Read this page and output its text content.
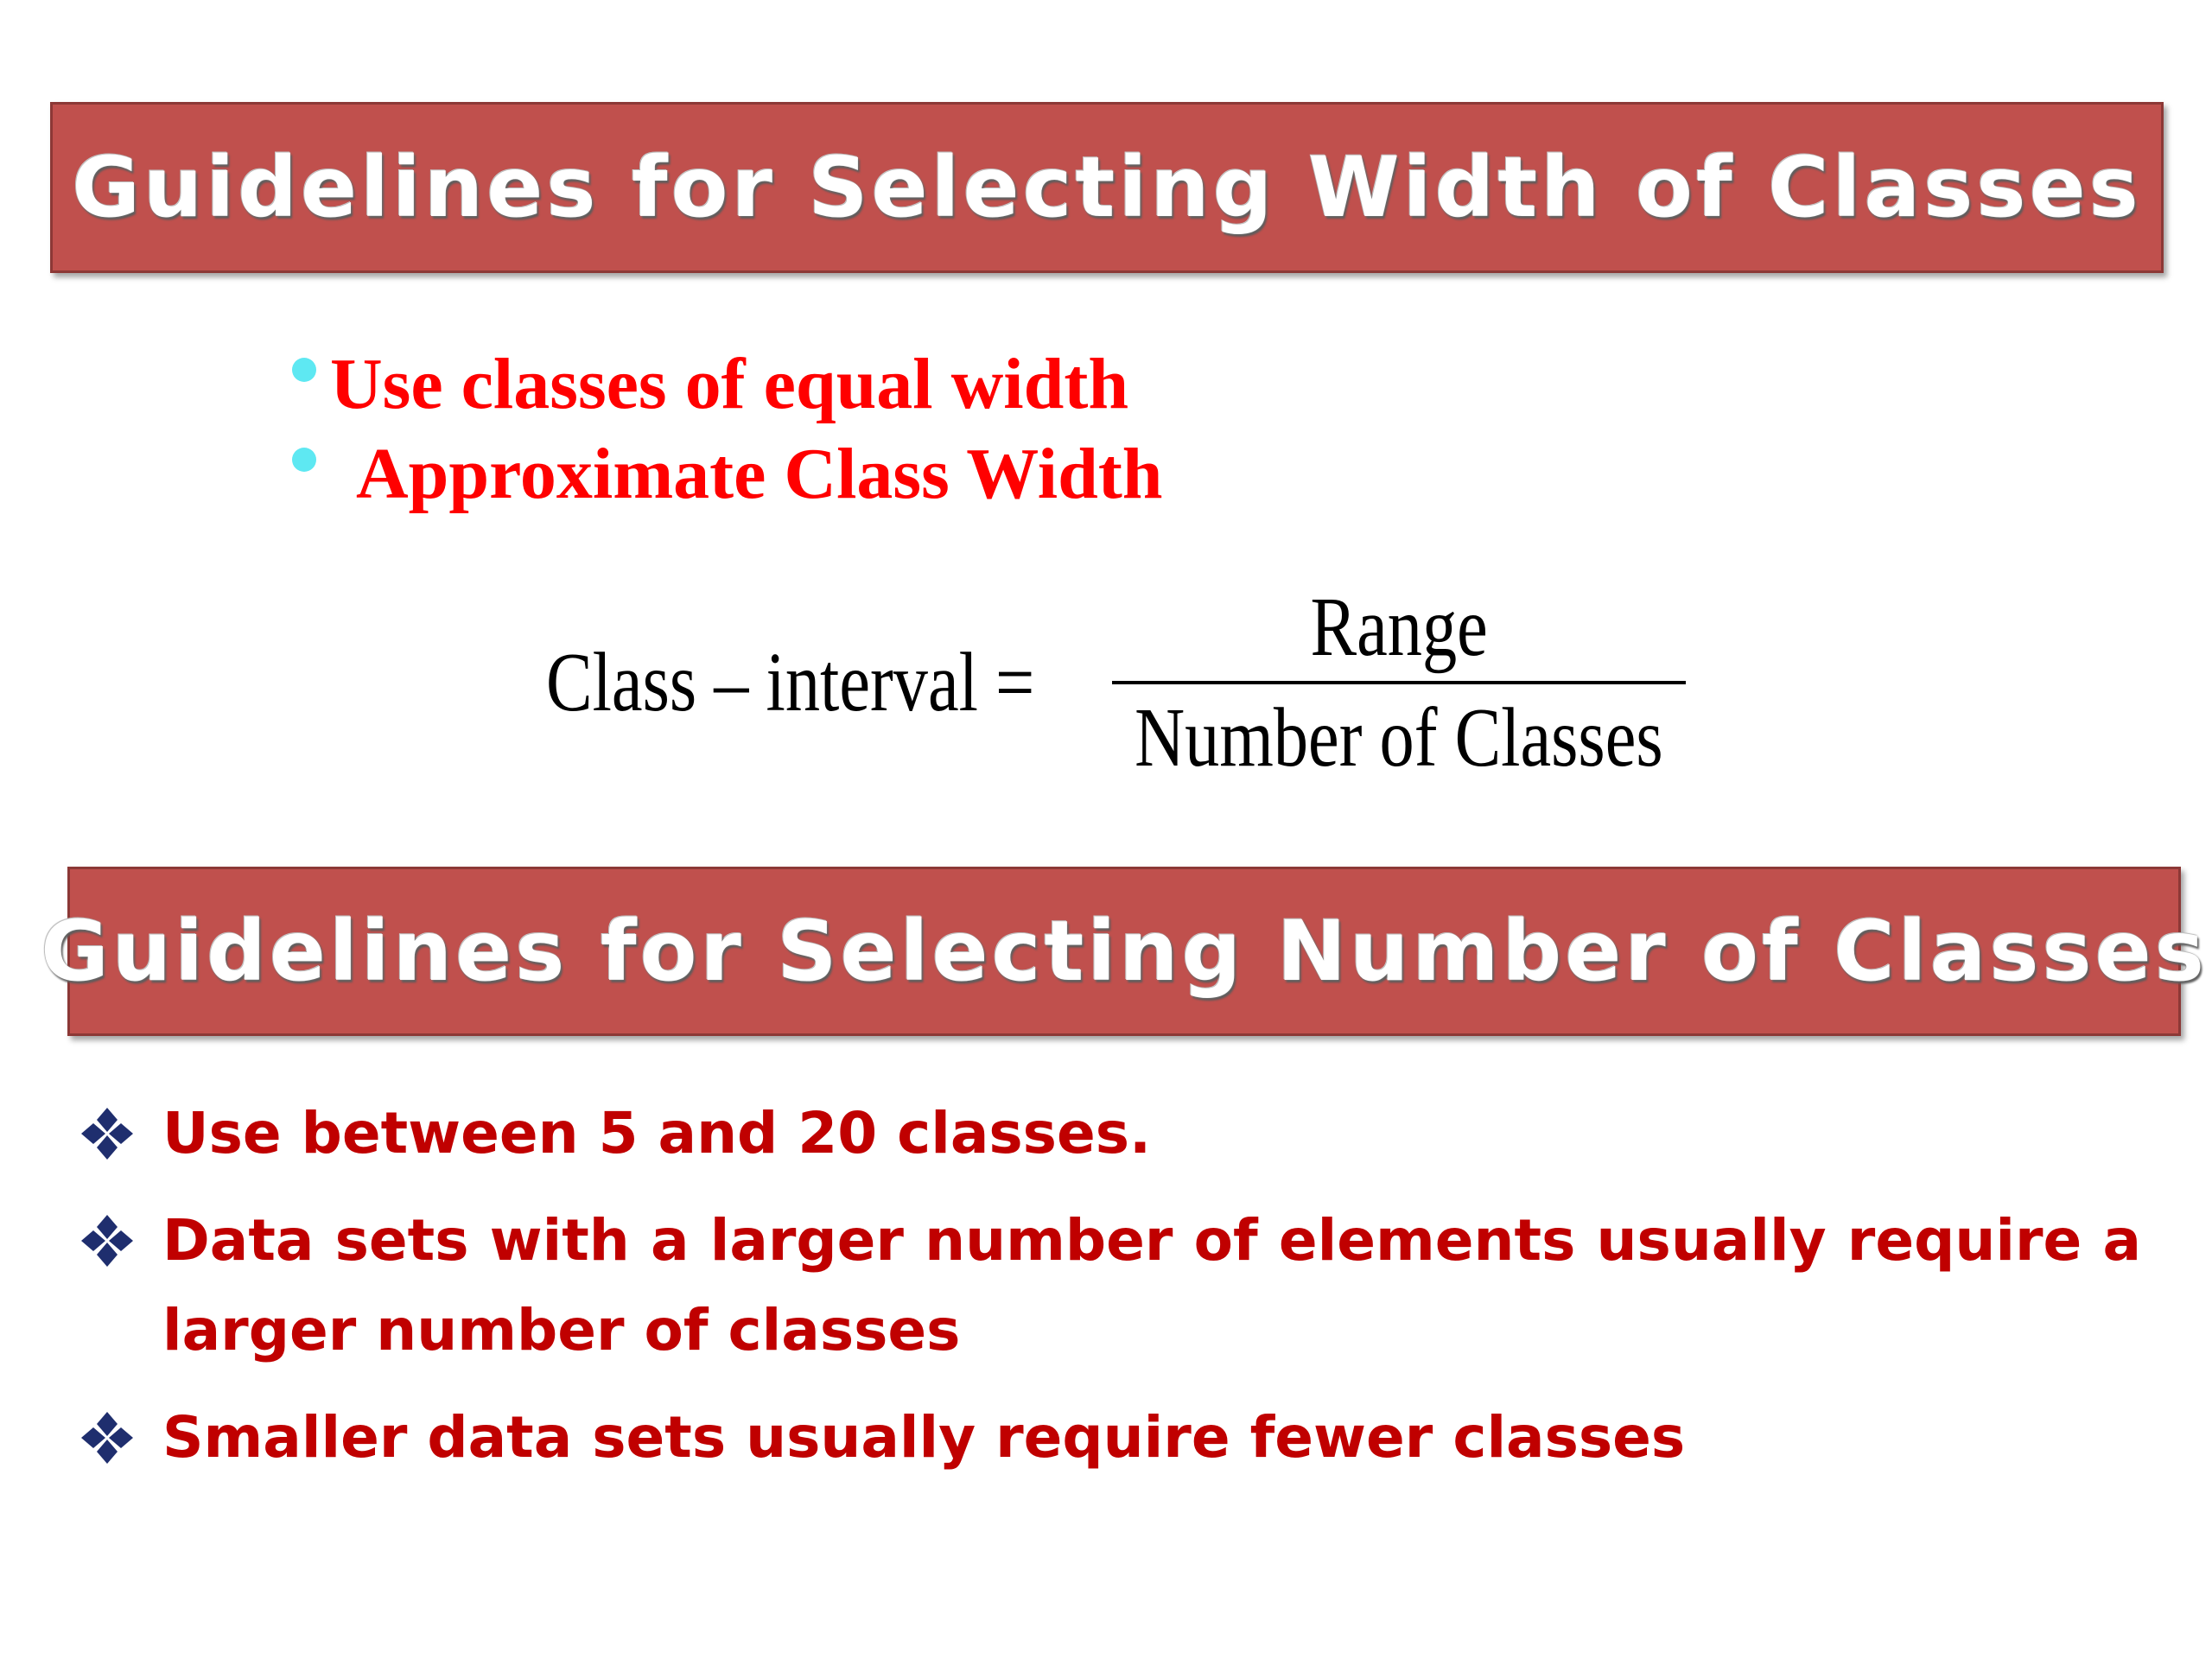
Guidelines for Selecting Width of Classes
Use classes of equal width
Approximate Class Width
Class – interval = $\frac{\text{Range}}{\text{Number of Classes}}$
Guidelines for Selecting Number of Classes
Use between 5 and 20 classes.
Data sets with a larger number of elements usually require a larger number of classes
Smaller data sets usually require fewer classes
